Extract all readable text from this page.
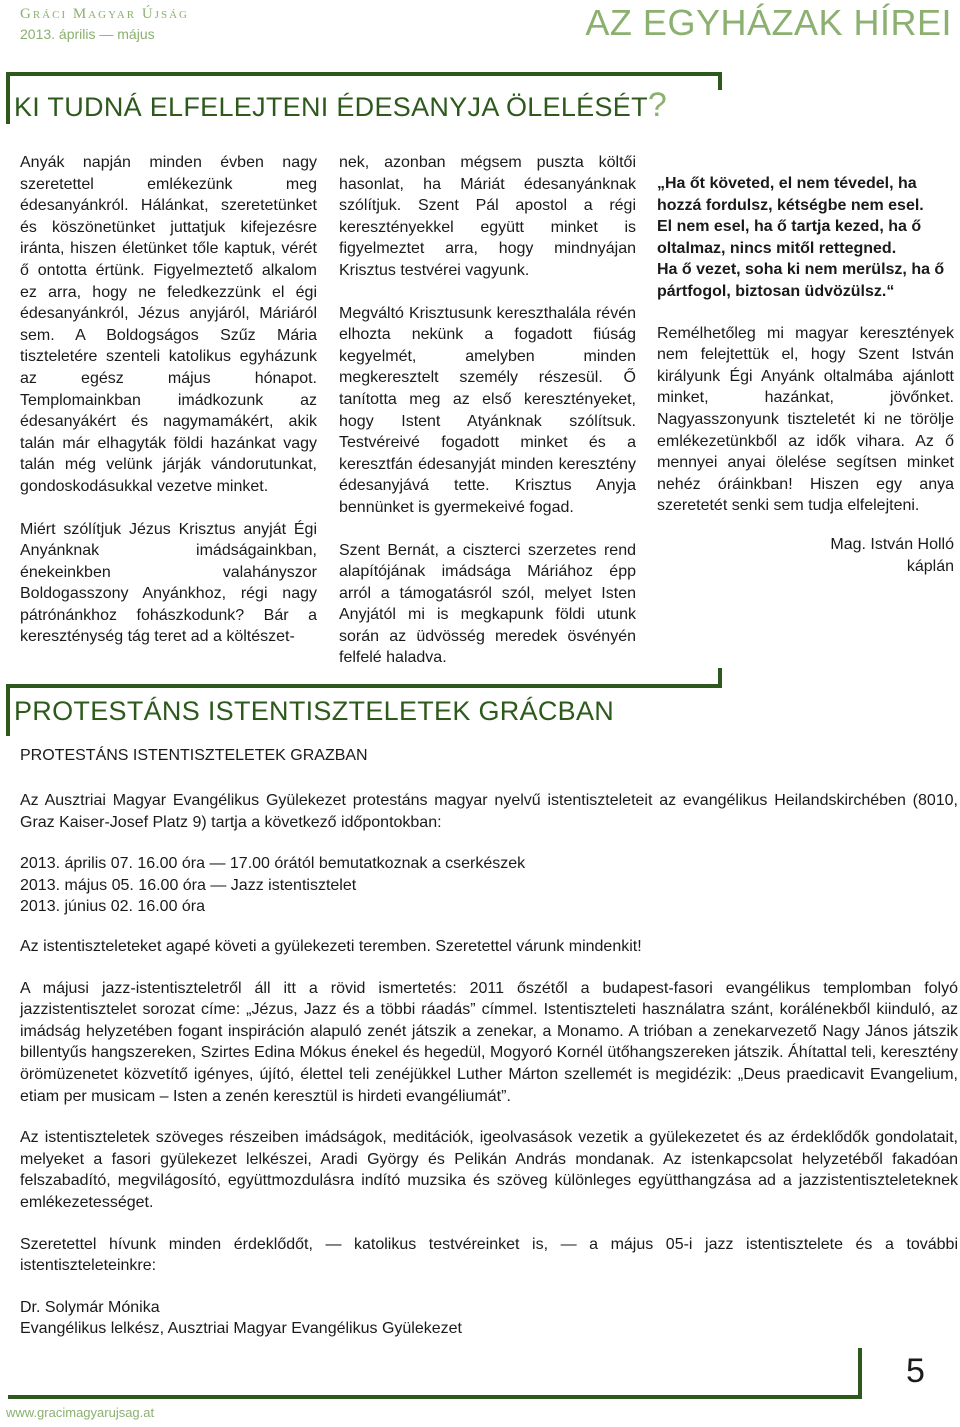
Gráci Magyar Újság
2013. április — május	AZ EGYHÁZAK HÍREI
KI TUDNÁ ELFELEJTENI ÉDESANYJA ÖLELÉSÉT?

Anyák napján minden évben nagy szeretettel emlékezünk meg édesanyánkról. Hálánkat, szeretetünket és köszönetünket juttatjuk kifejezésre iránta, hiszen életünket tőle kaptuk, vérét ő ontotta értünk. Figyelmeztető alkalom ez arra, hogy ne feledkezzünk el égi édesanyánkról, Jézus anyjáról, Máriáról sem. A Boldogságos Szűz Mária tiszteletére szenteli katolikus egyházunk az egész május hónapot. Templomainkban imádkozunk az édesanyákért és nagymamákért, akik talán már elhagyták földi hazánkat vagy talán még velünk járják vándorutunkat, gondoskodásukkal vezetve minket.

Miért szólítjuk Jézus Krisztus anyját Égi Anyánknak imádságainkban, énekeinkben valahányszor Boldogasszony Anyánkhoz, régi nagy pátrónánkhoz fohászkodunk? Bár a kereszténység tág teret ad a költészet-

nek, azonban mégsem puszta költői hasonlat, ha Máriát édesanyánknak szólítjuk. Szent Pál apostol a régi keresztényekkel együtt minket is figyelmeztet arra, hogy mindnyájan Krisztus testvérei vagyunk.

Megváltó Krisztusunk kereszthalála révén elhozta nekünk a fogadott fiúság kegyelmét, amelyben minden megkeresztelt személy részesül. Ő tanította meg az első keresztényeket, hogy Istent Atyánknak szólítsuk. Testvéreivé fogadott minket és a keresztfán édesanyját minden keresztény édesanyjává tette. Krisztus Anyja bennünket is gyermekeivé fogad.

Szent Bernát, a ciszterci szerzetes rend alapítójának imádsága Máriához épp arról a támogatásról szól, melyet Isten Anyjától mi is megkapunk földi utunk során az üdvösség meredek ösvényén felfelé haladva.

„Ha őt követed, el nem tévedel, ha hozzá fordulsz, kétségbe nem esel.
El nem esel, ha ő tartja kezed, ha ő oltalmaz, nincs mitől rettegned.
Ha ő vezet, soha ki nem merülsz, ha ő pártfogol, biztosan üdvözülsz.“

Remélhetőleg mi magyar keresztények nem felejtettük el, hogy Szent István királyunk Égi Anyánk oltalmába ajánlott minket, hazánkat, jövőnket. Nagyasszonyunk tiszteletét ki ne törölje emlékezetünkből az idők vihara. Az ő mennyei anyai ölelése segítsen minket nehéz óráinkban! Hiszen egy anya szeretetét senki sem tudja elfelejteni.

Mag. István Holló
káplán
PROTESTÁNS ISTENTISZTELETEK GRÁCBAN
PROTESTÁNS ISTENTISZTELETEK GRAZBAN

Az Ausztriai Magyar Evangélikus Gyülekezet protestáns magyar nyelvű istentiszteleteit az evangélikus Heilandskirchében (8010, Graz Kaiser-Josef Platz 9) tartja a következő időpontokban:

2013. április 07. 16.00 óra — 17.00 órától bemutatkoznak a cserkészek
2013. május 05. 16.00 óra — Jazz istentisztelet
2013. június 02. 16.00 óra

Az istentiszteleteket agapé követi a gyülekezeti teremben. Szeretettel várunk mindenkit!

A májusi jazz-istentiszteletről áll itt a rövid ismertetés: 2011 őszétől a budapest-fasori evangélikus templomban folyó jazzistentisztelet sorozat címe: „Jézus, Jazz és a többi ráadás” címmel. Istentiszteleti használatra szánt, korálénekből kiinduló, az imádság helyzetében fogant inspiráción alapuló zenét játszik a zenekar, a Monamo. A trióban a zenekarvezető Nagy János játszik billentyűs hangszereken, Szirtes Edina Mókus énekel és hegedül, Mogyoró Kornél ütőhangszereken játszik. Áhítattal teli, keresztény örömüzenetet közvetítő igényes, újító, élettel teli zenéjükkel Luther Márton szellemét is megidézik: „Deus praedicavit Evangelium, etiam per musicam – Isten a zenén keresztül is hirdeti evangéliumát”.

Az istentiszteletek szöveges részeiben imádságok, meditációk, igeolvasások vezetik a gyülekezetet és az érdeklődők gondolatait, melyeket a fasori gyülekezet lelkészei, Aradi György és Pelikán András mondanak. Az istenkapcsolat helyzetéből fakadóan felszabadító, megvilágosító, együttmozdulásra indító muzsika és szöveg különleges együtthangzása ad a jazzistentiszteleteknek emlékezetességet.

Szeretettel hívunk minden érdeklődőt, — katolikus testvéreinket is, — a május 05-i jazz istentisztelete és a további istentiszteleteinkre:

Dr. Solymár Mónika
Evangélikus lelkész, Ausztriai Magyar Evangélikus Gyülekezet
5
www.gracimagyarujsag.at
